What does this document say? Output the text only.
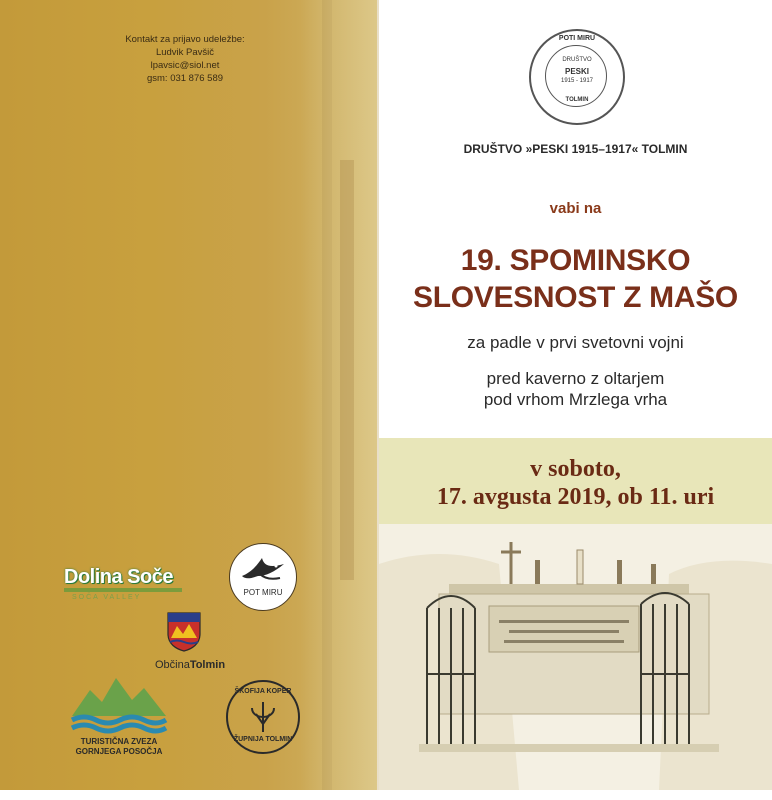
Kontakt za prijavo udeležbe:
Ludvik Pavšič
lpavsic@siol.net
gsm: 031 876 589
Dolina Soče
SOČA VALLEY
POT MIRU
ObčinaTolmin
TURISTIČNA ZVEZA
GORNJEGA POSOČJA
ŠKOFIJA KOPER
ŽUPNIJA TOLMIN
POTI MIRU
DRUŠTVO
PESKI
1915 - 1917
TOLMIN
DRUŠTVO »PESKI 1915–1917« TOLMIN
vabi na
19. SPOMINSKO
SLOVESNOST Z MAŠO
za padle v prvi svetovni vojni
pred kaverno z oltarjem
pod vrhom Mrzlega vrha
v soboto,
17. avgusta 2019, ob 11. uri
